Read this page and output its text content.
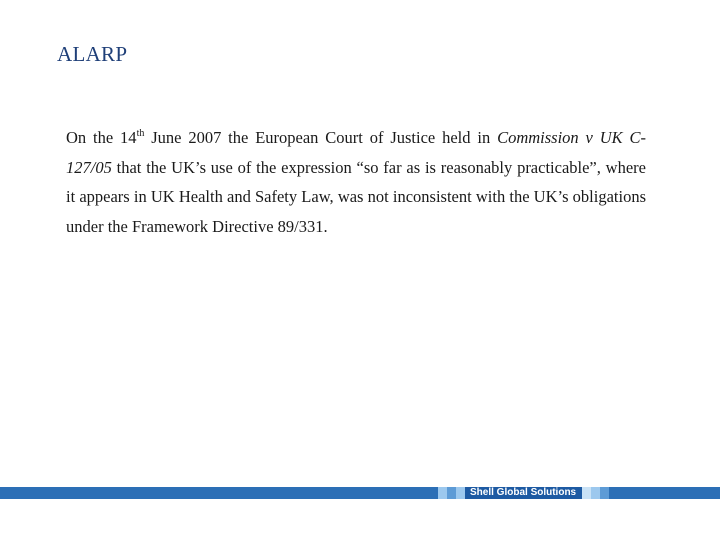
ALARP

On the 14th June 2007 the European Court of Justice held in Commission v UK C-127/05 that the UK’s use of the expression “so far as is reasonably practicable”, where it appears in UK Health and Safety Law, was not inconsistent with the UK’s obligations under the Framework Directive 89/331.

Shell Global Solutions
